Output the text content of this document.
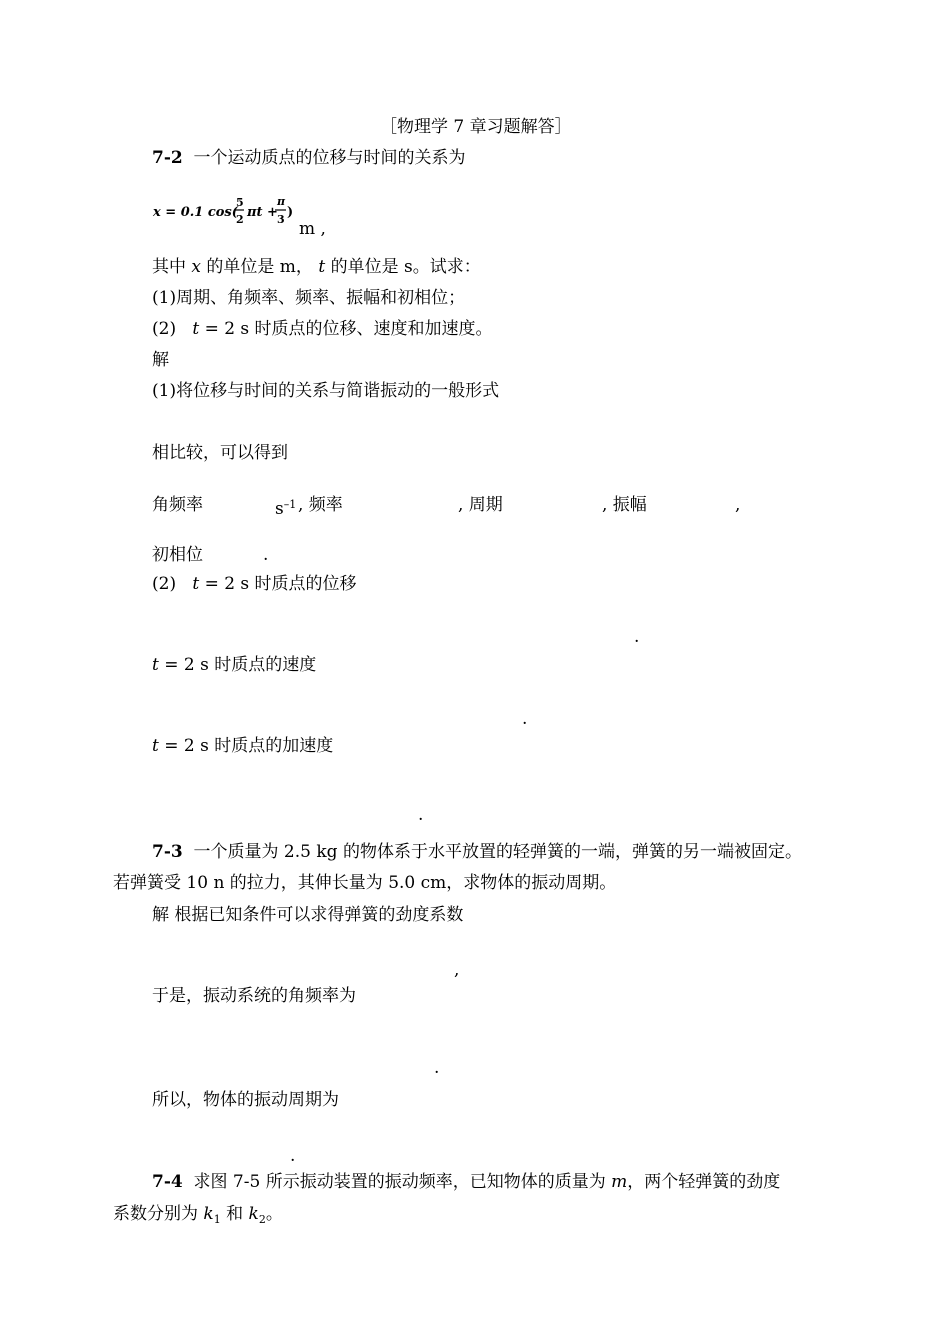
［物理学 7 章习题解答］
7-2 一个运动质点的位移与时间的关系为
x = 0.1 cos(
5
2 πt +
π
3 )
m ,
其中 x 的单位是 m， t 的单位是 s。试求：
(1)周期、角频率、频率、振幅和初相位；
(2) t = 2 s 时质点的位移、速度和加速度。
解
(1)将位移与时间的关系与简谐振动的一般形式
相比较，可以得到
角频率	$s^{-1}$ , 频率	, 周期	, 振幅	,
初相位	.
(2) t = 2 s 时质点的位移
.
t = 2 s 时质点的速度
.
t = 2 s 时质点的加速度
.
7-3 一个质量为 2.5 kg 的物体系于水平放置的轻弹簧的一端，弹簧的另一端被固定。
若弹簧受 10 n 的拉力，其伸长量为 5.0 cm，求物体的振动周期。
解 根据已知条件可以求得弹簧的劲度系数
,
于是，振动系统的角频率为
.
所以，物体的振动周期为
.
7-4 求图 7-5 所示振动装置的振动频率，已知物体的质量为 m，两个轻弹簧的劲度
系数分别为 $k_1$ 和 $k_2$。
